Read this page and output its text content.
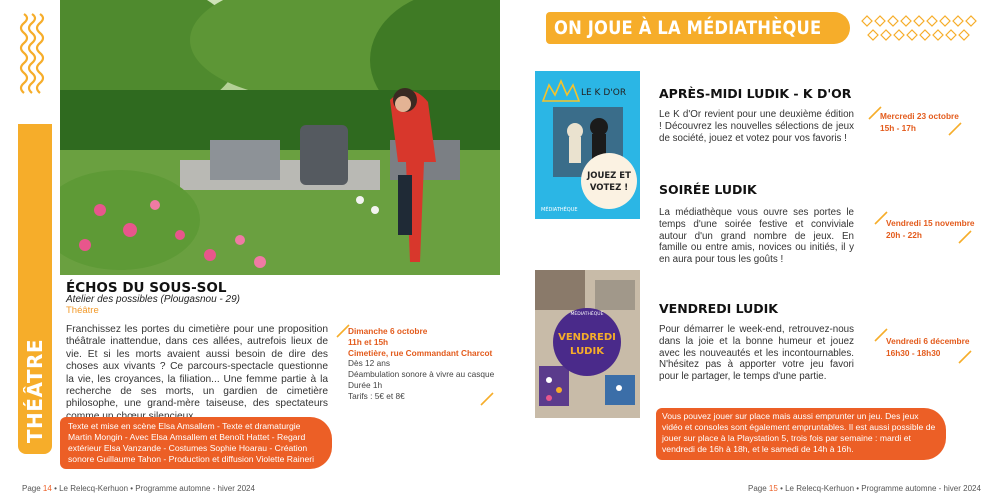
THÉÂTRE
ÉCHOS DU SOUS-SOL
Atelier des possibles (Plougasnou - 29)
Théâtre
Franchissez les portes du cimetière pour une proposition théâtrale inattendue, dans ces allées, autrefois lieux de vie. Et si les morts avaient aussi besoin de dire des choses aux vivants ? Ce parcours-spectacle questionne la vie, les croyances, la filiation... Une femme partie à la recherche de ses morts, un gardien de cimetière philosophe, une grand-mère taiseuse, des spectateurs
Dimanche 6 octobre
11h et 15h
Cimetière, rue Commandant Charcot
Dès 12 ans
Déambulation sonore à vivre au casque
Durée 1h
Tarifs : 5€ et 8€
Texte et mise en scène Elsa Amsallem - Texte et dramaturgie Martin Mongin - Avec Elsa Amsallem et Benoît Hattet - Regard extérieur Elsa Vanzande - Costumes Sophie Hoarau - Création sonore Guillaume Tahon - Production et diffusion Violette Raineri
Page 14 • Le Relecq-Kerhuon • Programme automne - hiver 2024
ON JOUE À LA MÉDIATHÈQUE
LE K D'OR
JOUEZ ET
VOTEZ !
MÉDIATHÈQUE
MÉDIATHÈQUE
VENDREDI
LUDIK
APRÈS-MIDI LUDIK - K D'OR
Le K d'Or revient pour une deuxième édition ! Découvrez les nouvelles sélections de jeux de société, jouez et votez pour vos favoris !
Mercredi 23 octobre
15h - 17h
SOIRÉE LUDIK
La médiathèque vous ouvre ses portes le temps d'une soirée festive et conviviale autour d'un grand nombre de jeux. En famille ou entre amis, novices ou initiés, il y en aura pour tous les goûts !
Vendredi 15 novembre
20h - 22h
VENDREDI LUDIK
Pour démarrer le week-end, retrouvez-nous dans la joie et la bonne humeur et jouez avec les nouveautés et les incontournables. N'hésitez pas à apporter votre jeu favori pour le partager, le temps d'une partie.
Vendredi 6 décembre
16h30 - 18h30
Vous pouvez jouer sur place mais aussi emprunter un jeu. Des jeux vidéo et consoles sont également empruntables. Il est aussi possible de jouer sur place à la Playstation 5, trois fois par semaine : mardi et vendredi de 16h à 18h, et le samedi de 14h à 16h.
Page 15 • Le Relecq-Kerhuon • Programme automne - hiver 2024
